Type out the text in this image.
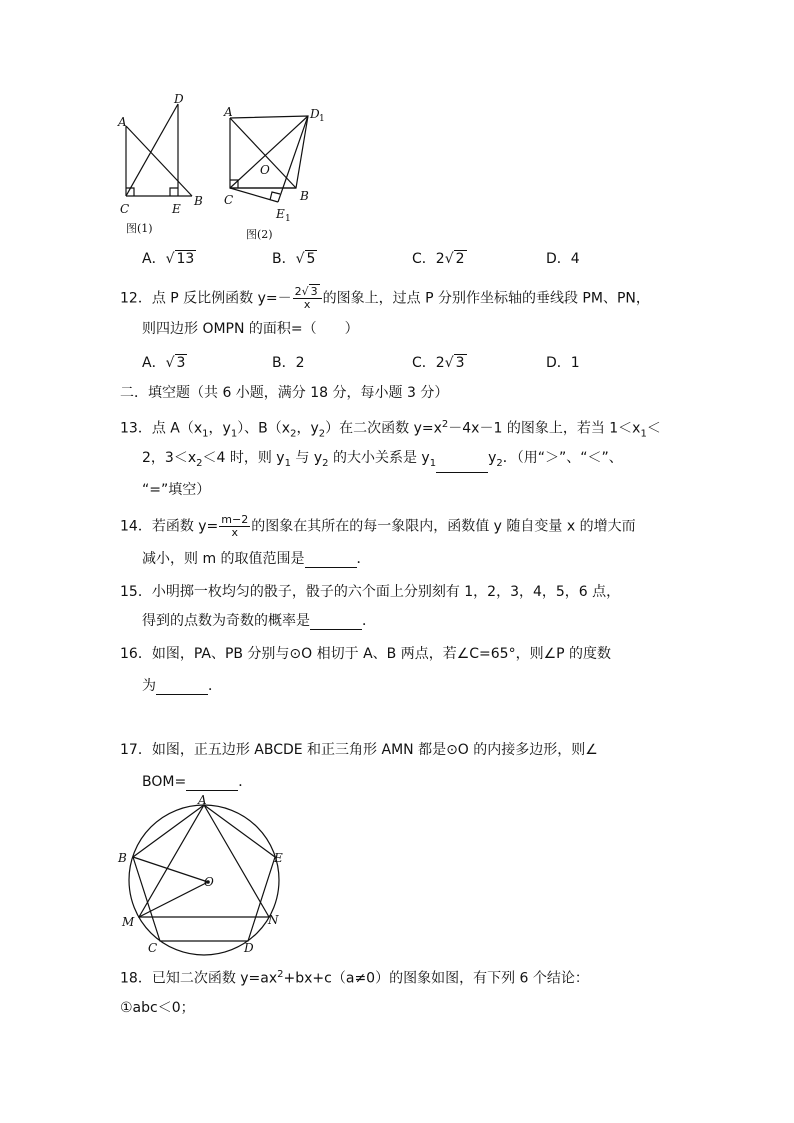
A
D
C	E
B
图(1)
A	D 1
O
C	B
E 1
图(2)
A．√ 13	B．√ 5	C．2√ 2	D．4
12．点 P 反比例函数 $y=- \frac{2√ 3}{x}$ 的图象上，过点 P 分别作坐标轴的垂线段 PM、PN，
则四边形 OMPN 的面积=（　　）
A．√ 3	B．2	C．2√ 3	D．1
二．填空题（共 6 小题，满分 18 分，每小题 3 分）
13．点 $A(x_1$，$y_1$）、$B(x_2$，$y_2$）在二次函数 $y=x^2-4x-1$ 的图象上，若当 $1<x_1<$
2，$3<x_2<4$ 时，则 $y_1$ 与 $y_2$ 的大小关系是 $y_1$	$y_2$．（用“＞”、“＜”、
“=”填空）
14．若函数 $y= \frac{m-2}{x}$ 的图象在其所在的每一象限内，函数值 y 随自变量 x 的增大而
减小，则 m 的取值范围是	．
15．小明掷一枚均匀的骰子，骰子的六个面上分别刻有 1，2，3，4，5，6 点，
得到的点数为奇数的概率是	．
16．如图，PA、PB 分别与⊙O 相切于 A、B 两点，若∠C=65°，则∠P 的度数
为	．
17．如图，正五边形 ABCDE 和正三角形 AMN 都是⊙O 的内接多边形，则∠
BOM=	．
A
B	E
O
M	N
C	D
18．已知二次函数 $y=ax^2+bx+c(a\ne 0)$的图象如图，有下列 6 个结论：
①abc＜0；
